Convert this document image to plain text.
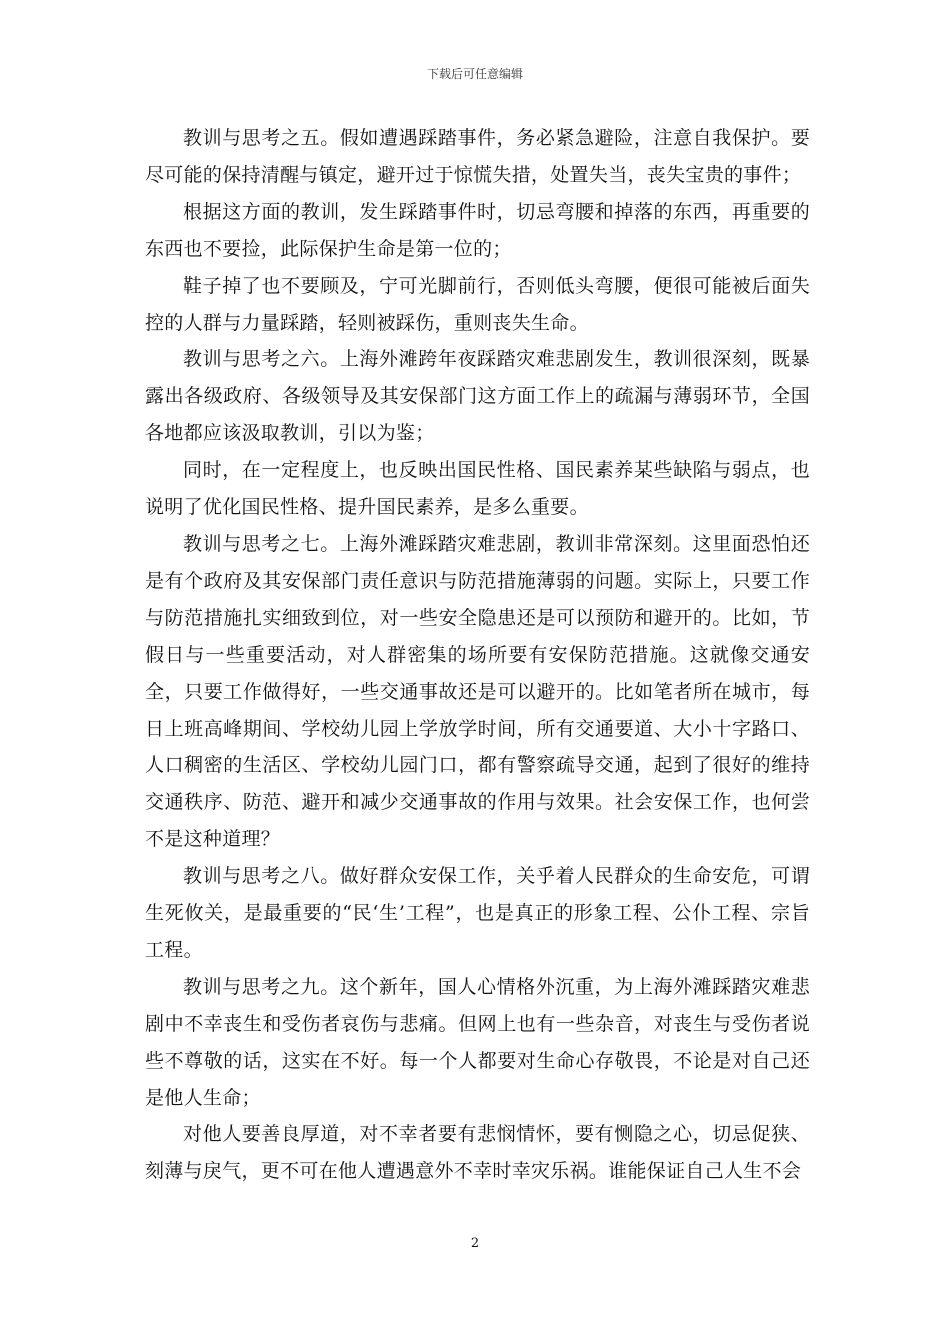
下载后可任意编辑

教训与思考之五。假如遭遇踩踏事件，务必紧急避险，注意自我保护。要尽可能的保持清醒与镇定，避开过于惊慌失措，处置失当，丧失宝贵的事件；

根据这方面的教训，发生踩踏事件时，切忌弯腰和掉落的东西，再重要的东西也不要捡，此际保护生命是第一位的；

鞋子掉了也不要顾及，宁可光脚前行，否则低头弯腰，便很可能被后面失控的人群与力量踩踏，轻则被踩伤，重则丧失生命。

教训与思考之六。上海外滩跨年夜踩踏灾难悲剧发生，教训很深刻，既暴露出各级政府、各级领导及其安保部门这方面工作上的疏漏与薄弱环节，全国各地都应该汲取教训，引以为鉴；

同时，在一定程度上，也反映出国民性格、国民素养某些缺陷与弱点，也说明了优化国民性格、提升国民素养，是多么重要。

教训与思考之七。上海外滩踩踏灾难悲剧，教训非常深刻。这里面恐怕还是有个政府及其安保部门责任意识与防范措施薄弱的问题。实际上，只要工作与防范措施扎实细致到位，对一些安全隐患还是可以预防和避开的。比如，节假日与一些重要活动，对人群密集的场所要有安保防范措施。这就像交通安全，只要工作做得好，一些交通事故还是可以避开的。比如笔者所在城市，每日上班高峰期间、学校幼儿园上学放学时间，所有交通要道、大小十字路口、人口稠密的生活区、学校幼儿园门口，都有警察疏导交通，起到了很好的维持交通秩序、防范、避开和减少交通事故的作用与效果。社会安保工作，也何尝不是这种道理？

教训与思考之八。做好群众安保工作，关乎着人民群众的生命安危，可谓生死攸关，是最重要的“民‘生’工程”，也是真正的形象工程、公仆工程、宗旨工程。

教训与思考之九。这个新年，国人心情格外沉重，为上海外滩踩踏灾难悲剧中不幸丧生和受伤者哀伤与悲痛。但网上也有一些杂音，对丧生与受伤者说些不尊敬的话，这实在不好。每一个人都要对生命心存敬畏，不论是对自己还是他人生命；

对他人要善良厚道，对不幸者要有悲悯情怀，要有恻隐之心，切忌促狭、刻薄与戾气，更不可在他人遭遇意外不幸时幸灾乐祸。谁能保证自己人生不会

2
